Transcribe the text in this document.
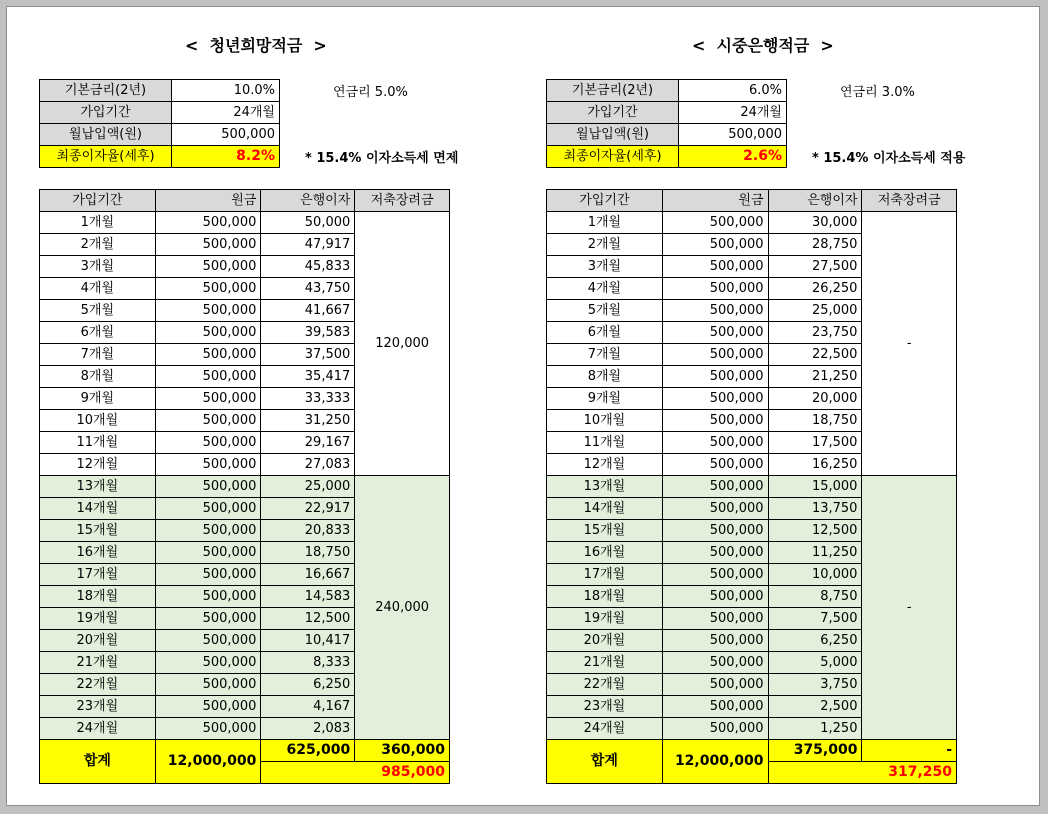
<  청년희망적금  >
기본금리(2년)	10.0%
가입기간	24개월
월납입액(원)	500,000
최종이자율(세후)	8.2%
연금리 5.0%
* 15.4% 이자소득세 면제
가입기간	원금	은행이자	저축장려금
1개월	500,000	50,000	120,000
2개월	500,000	47,917	
3개월	500,000	45,833	
4개월	500,000	43,750	
5개월	500,000	41,667	
6개월	500,000	39,583	
7개월	500,000	37,500	
8개월	500,000	35,417	
9개월	500,000	33,333	
10개월	500,000	31,250	
11개월	500,000	29,167	
12개월	500,000	27,083	
13개월	500,000	25,000	240,000
14개월	500,000	22,917	
15개월	500,000	20,833	
16개월	500,000	18,750	
17개월	500,000	16,667	
18개월	500,000	14,583	
19개월	500,000	12,500	
20개월	500,000	10,417	
21개월	500,000	8,333	
22개월	500,000	6,250	
23개월	500,000	4,167	
24개월	500,000	2,083	
합계	12,000,000	625,000	360,000
		985,000	
<  시중은행적금  >
기본금리(2년)	6.0%
가입기간	24개월
월납입액(원)	500,000
최종이자율(세후)	2.6%
연금리 3.0%
* 15.4% 이자소득세 적용
가입기간	원금	은행이자	저축장려금
1개월	500,000	30,000	-
2개월	500,000	28,750	
3개월	500,000	27,500	
4개월	500,000	26,250	
5개월	500,000	25,000	
6개월	500,000	23,750	
7개월	500,000	22,500	
8개월	500,000	21,250	
9개월	500,000	20,000	
10개월	500,000	18,750	
11개월	500,000	17,500	
12개월	500,000	16,250	
13개월	500,000	15,000	-
14개월	500,000	13,750	
15개월	500,000	12,500	
16개월	500,000	11,250	
17개월	500,000	10,000	
18개월	500,000	8,750	
19개월	500,000	7,500	
20개월	500,000	6,250	
21개월	500,000	5,000	
22개월	500,000	3,750	
23개월	500,000	2,500	
24개월	500,000	1,250	
합계	12,000,000	375,000	-
		317,250	
